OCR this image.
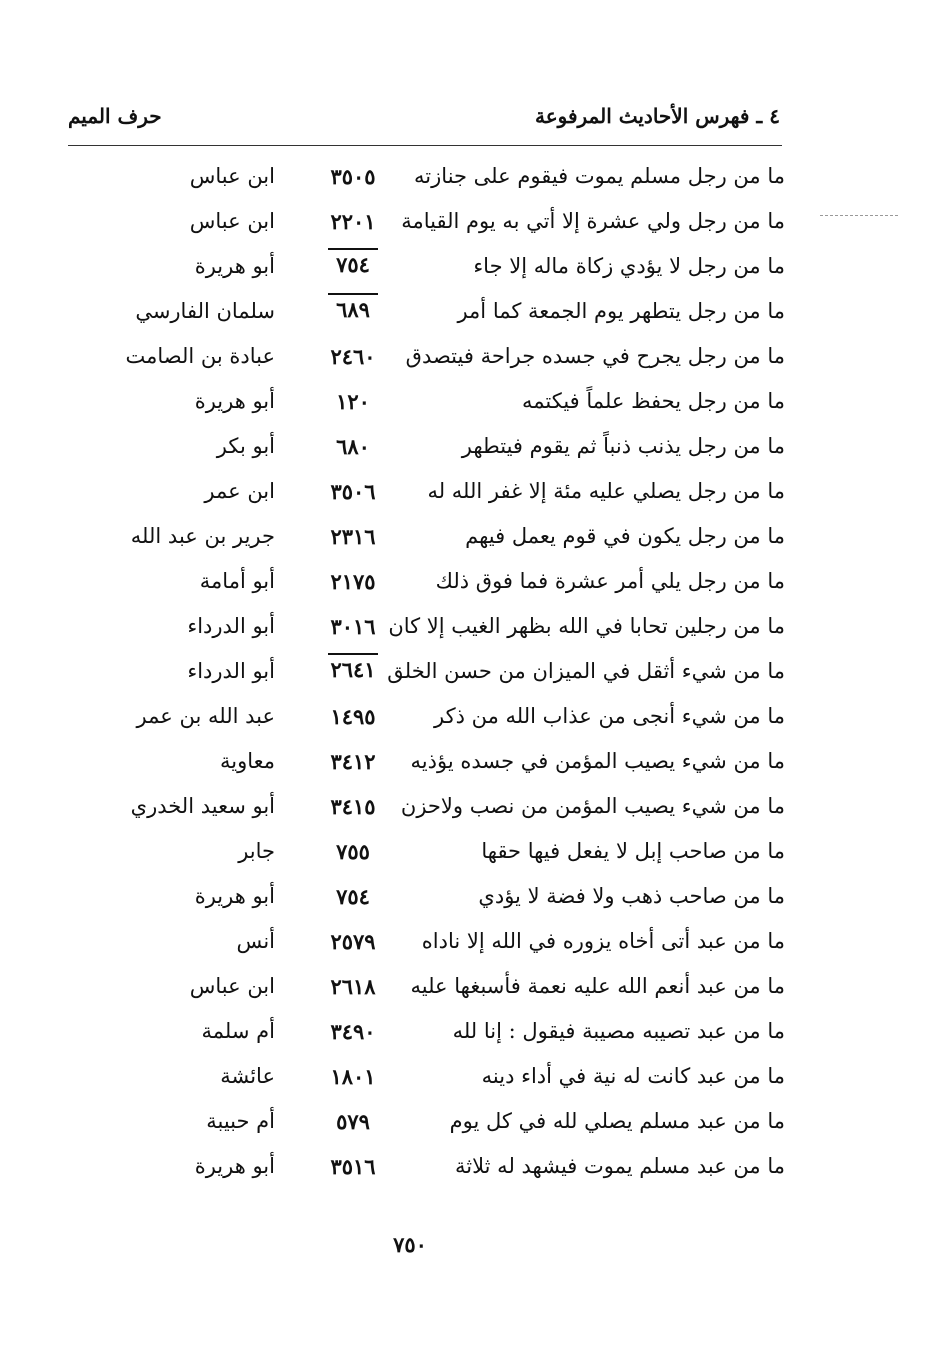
٤ ـ فهرس الأحاديث المرفوعة
حرف الميم
ما من رجل مسلم يموت فيقوم على جنازته
٣٥٠٥
ابن عباس
ما من رجل ولي عشرة إلا أتي به يوم القيامة
٢٢٠١
ابن عباس
ما من رجل لا يؤدي زكاة ماله إلا جاء
٧٥٤
أبو هريرة
ما من رجل يتطهر يوم الجمعة كما أمر
٦٨٩
سلمان الفارسي
ما من رجل يجرح في جسده جراحة فيتصدق
٢٤٦٠
عبادة بن الصامت
ما من رجل يحفظ علماً فيكتمه
١٢٠
أبو هريرة
ما من رجل يذنب ذنباً ثم يقوم فيتطهر
٦٨٠
أبو بكر
ما من رجل يصلي عليه مئة إلا غفر الله له
٣٥٠٦
ابن عمر
ما من رجل يكون في قوم يعمل فيهم
٢٣١٦
جرير بن عبد الله
ما من رجل يلي أمر عشرة فما فوق ذلك
٢١٧٥
أبو أمامة
ما من رجلين تحابا في الله بظهر الغيب إلا كان
٣٠١٦
أبو الدرداء
ما من شيء أثقل في الميزان من حسن الخلق
٢٦٤١
أبو الدرداء
ما من شيء أنجى من عذاب الله من ذكر
١٤٩٥
عبد الله بن عمر
ما من شيء يصيب المؤمن في جسده يؤذيه
٣٤١٢
معاوية
ما من شيء يصيب المؤمن من نصب ولاحزن
٣٤١٥
أبو سعيد الخدري
ما من صاحب إبل لا يفعل فيها حقها
٧٥٥
جابر
ما من صاحب ذهب ولا فضة لا يؤدي
٧٥٤
أبو هريرة
ما من عبد أتى أخاه يزوره في الله إلا ناداه
٢٥٧٩
أنس
ما من عبد أنعم الله عليه نعمة فأسبغها عليه
٢٦١٨
ابن عباس
ما من عبد تصيبه مصيبة فيقول : إنا لله
٣٤٩٠
أم سلمة
ما من عبد كانت له نية في أداء دينه
١٨٠١
عائشة
ما من عبد مسلم يصلي لله في كل يوم
٥٧٩
أم حبيبة
ما من عبد مسلم يموت فيشهد له ثلاثة
٣٥١٦
أبو هريرة
٧٥٠
